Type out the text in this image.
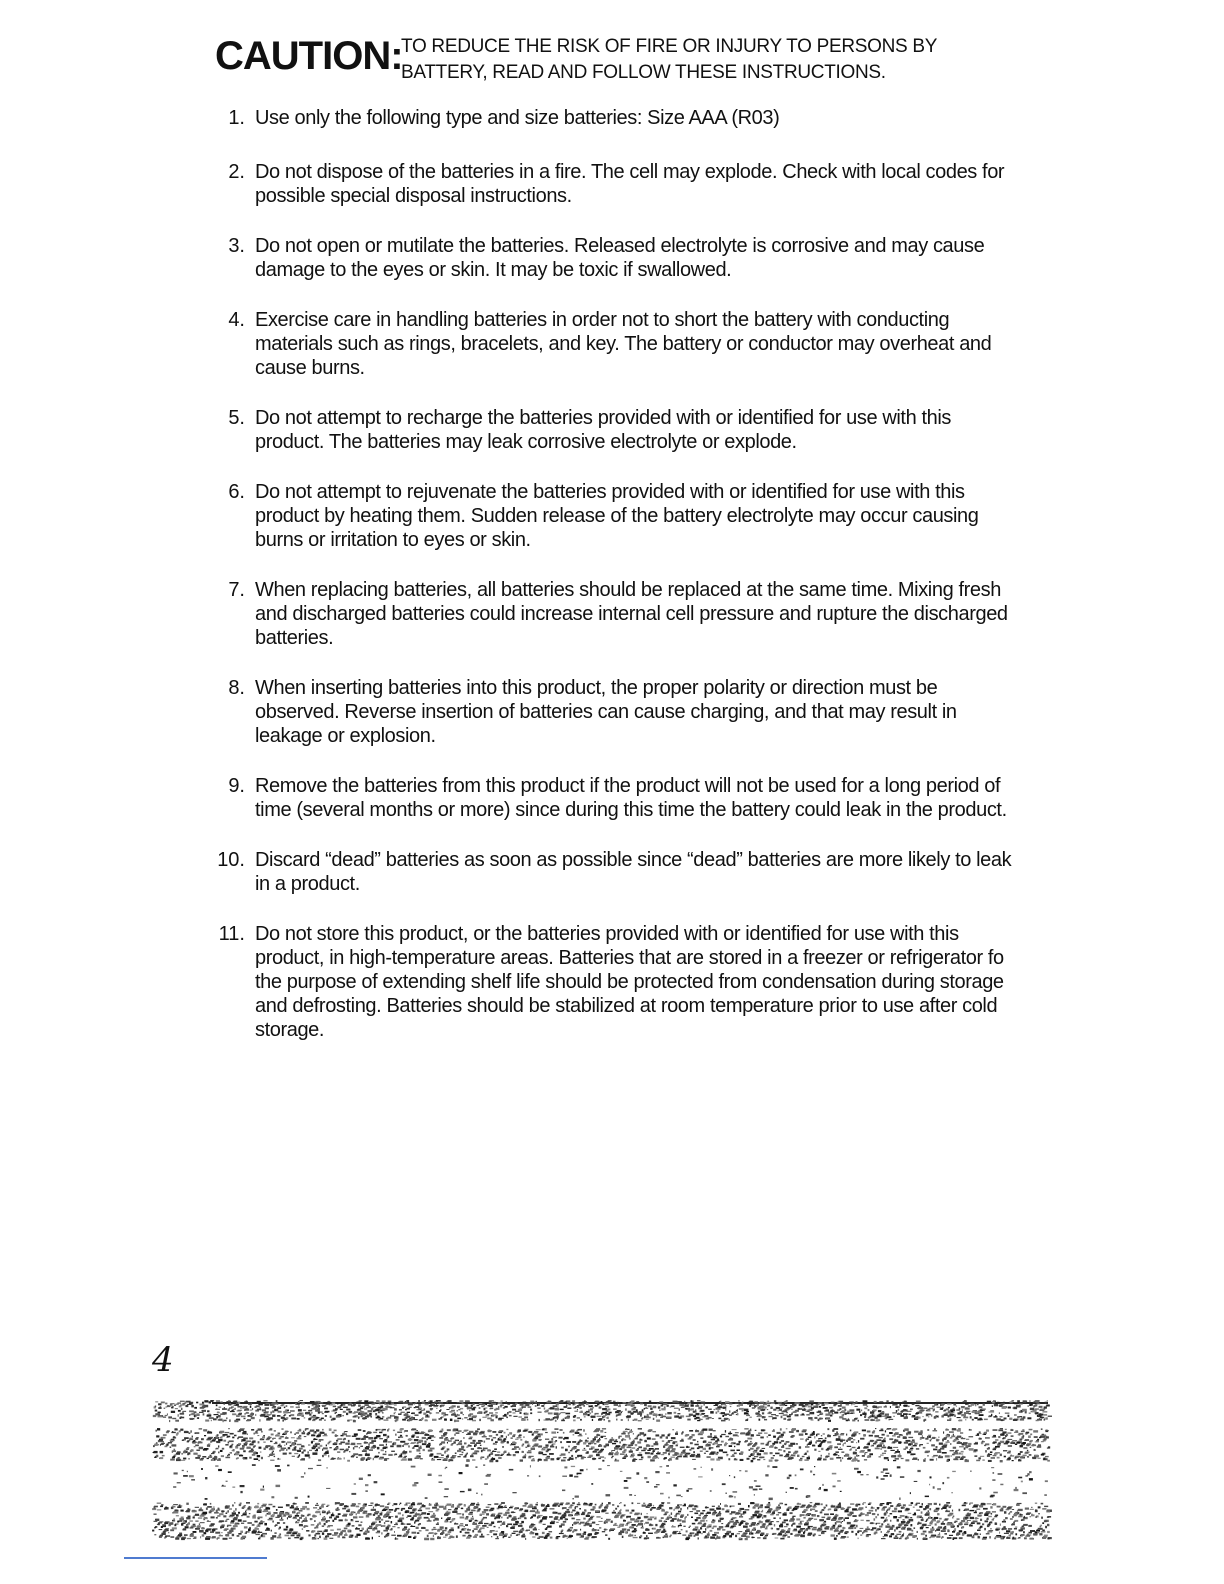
CAUTION:
TO REDUCE THE RISK OF FIRE OR INJURY TO PERSONS BY
BATTERY, READ AND FOLLOW THESE INSTRUCTIONS.
1. Use only the following type and size batteries: Size AAA (R03)
2. Do not dispose of the batteries in a fire. The cell may explode. Check with local codes for
possible special disposal instructions.
3. Do not open or mutilate the batteries. Released electrolyte is corrosive and may cause
damage to the eyes or skin. It may be toxic if swallowed.
4. Exercise care in handling batteries in order not to short the battery with conducting
materials such as rings, bracelets, and key. The battery or conductor may overheat and
cause burns.
5. Do not attempt to recharge the batteries provided with or identified for use with this
product. The batteries may leak corrosive electrolyte or explode.
6. Do not attempt to rejuvenate the batteries provided with or identified for use with this
product by heating them. Sudden release of the battery electrolyte may occur causing
burns or irritation to eyes or skin.
7. When replacing batteries, all batteries should be replaced at the same time. Mixing fresh
and discharged batteries could increase internal cell pressure and rupture the discharged
batteries.
8. When inserting batteries into this product, the proper polarity or direction must be
observed. Reverse insertion of batteries can cause charging, and that may result in
leakage or explosion.
9. Remove the batteries from this product if the product will not be used for a long period of
time (several months or more) since during this time the battery could leak in the product.
10. Discard “dead” batteries as soon as possible since “dead” batteries are more likely to leak
in a product.
11. Do not store this product, or the batteries provided with or identified for use with this
product, in high-temperature areas. Batteries that are stored in a freezer or refrigerator fo
the purpose of extending shelf life should be protected from condensation during storage
and defrosting. Batteries should be stabilized at room temperature prior to use after cold
storage.
4
